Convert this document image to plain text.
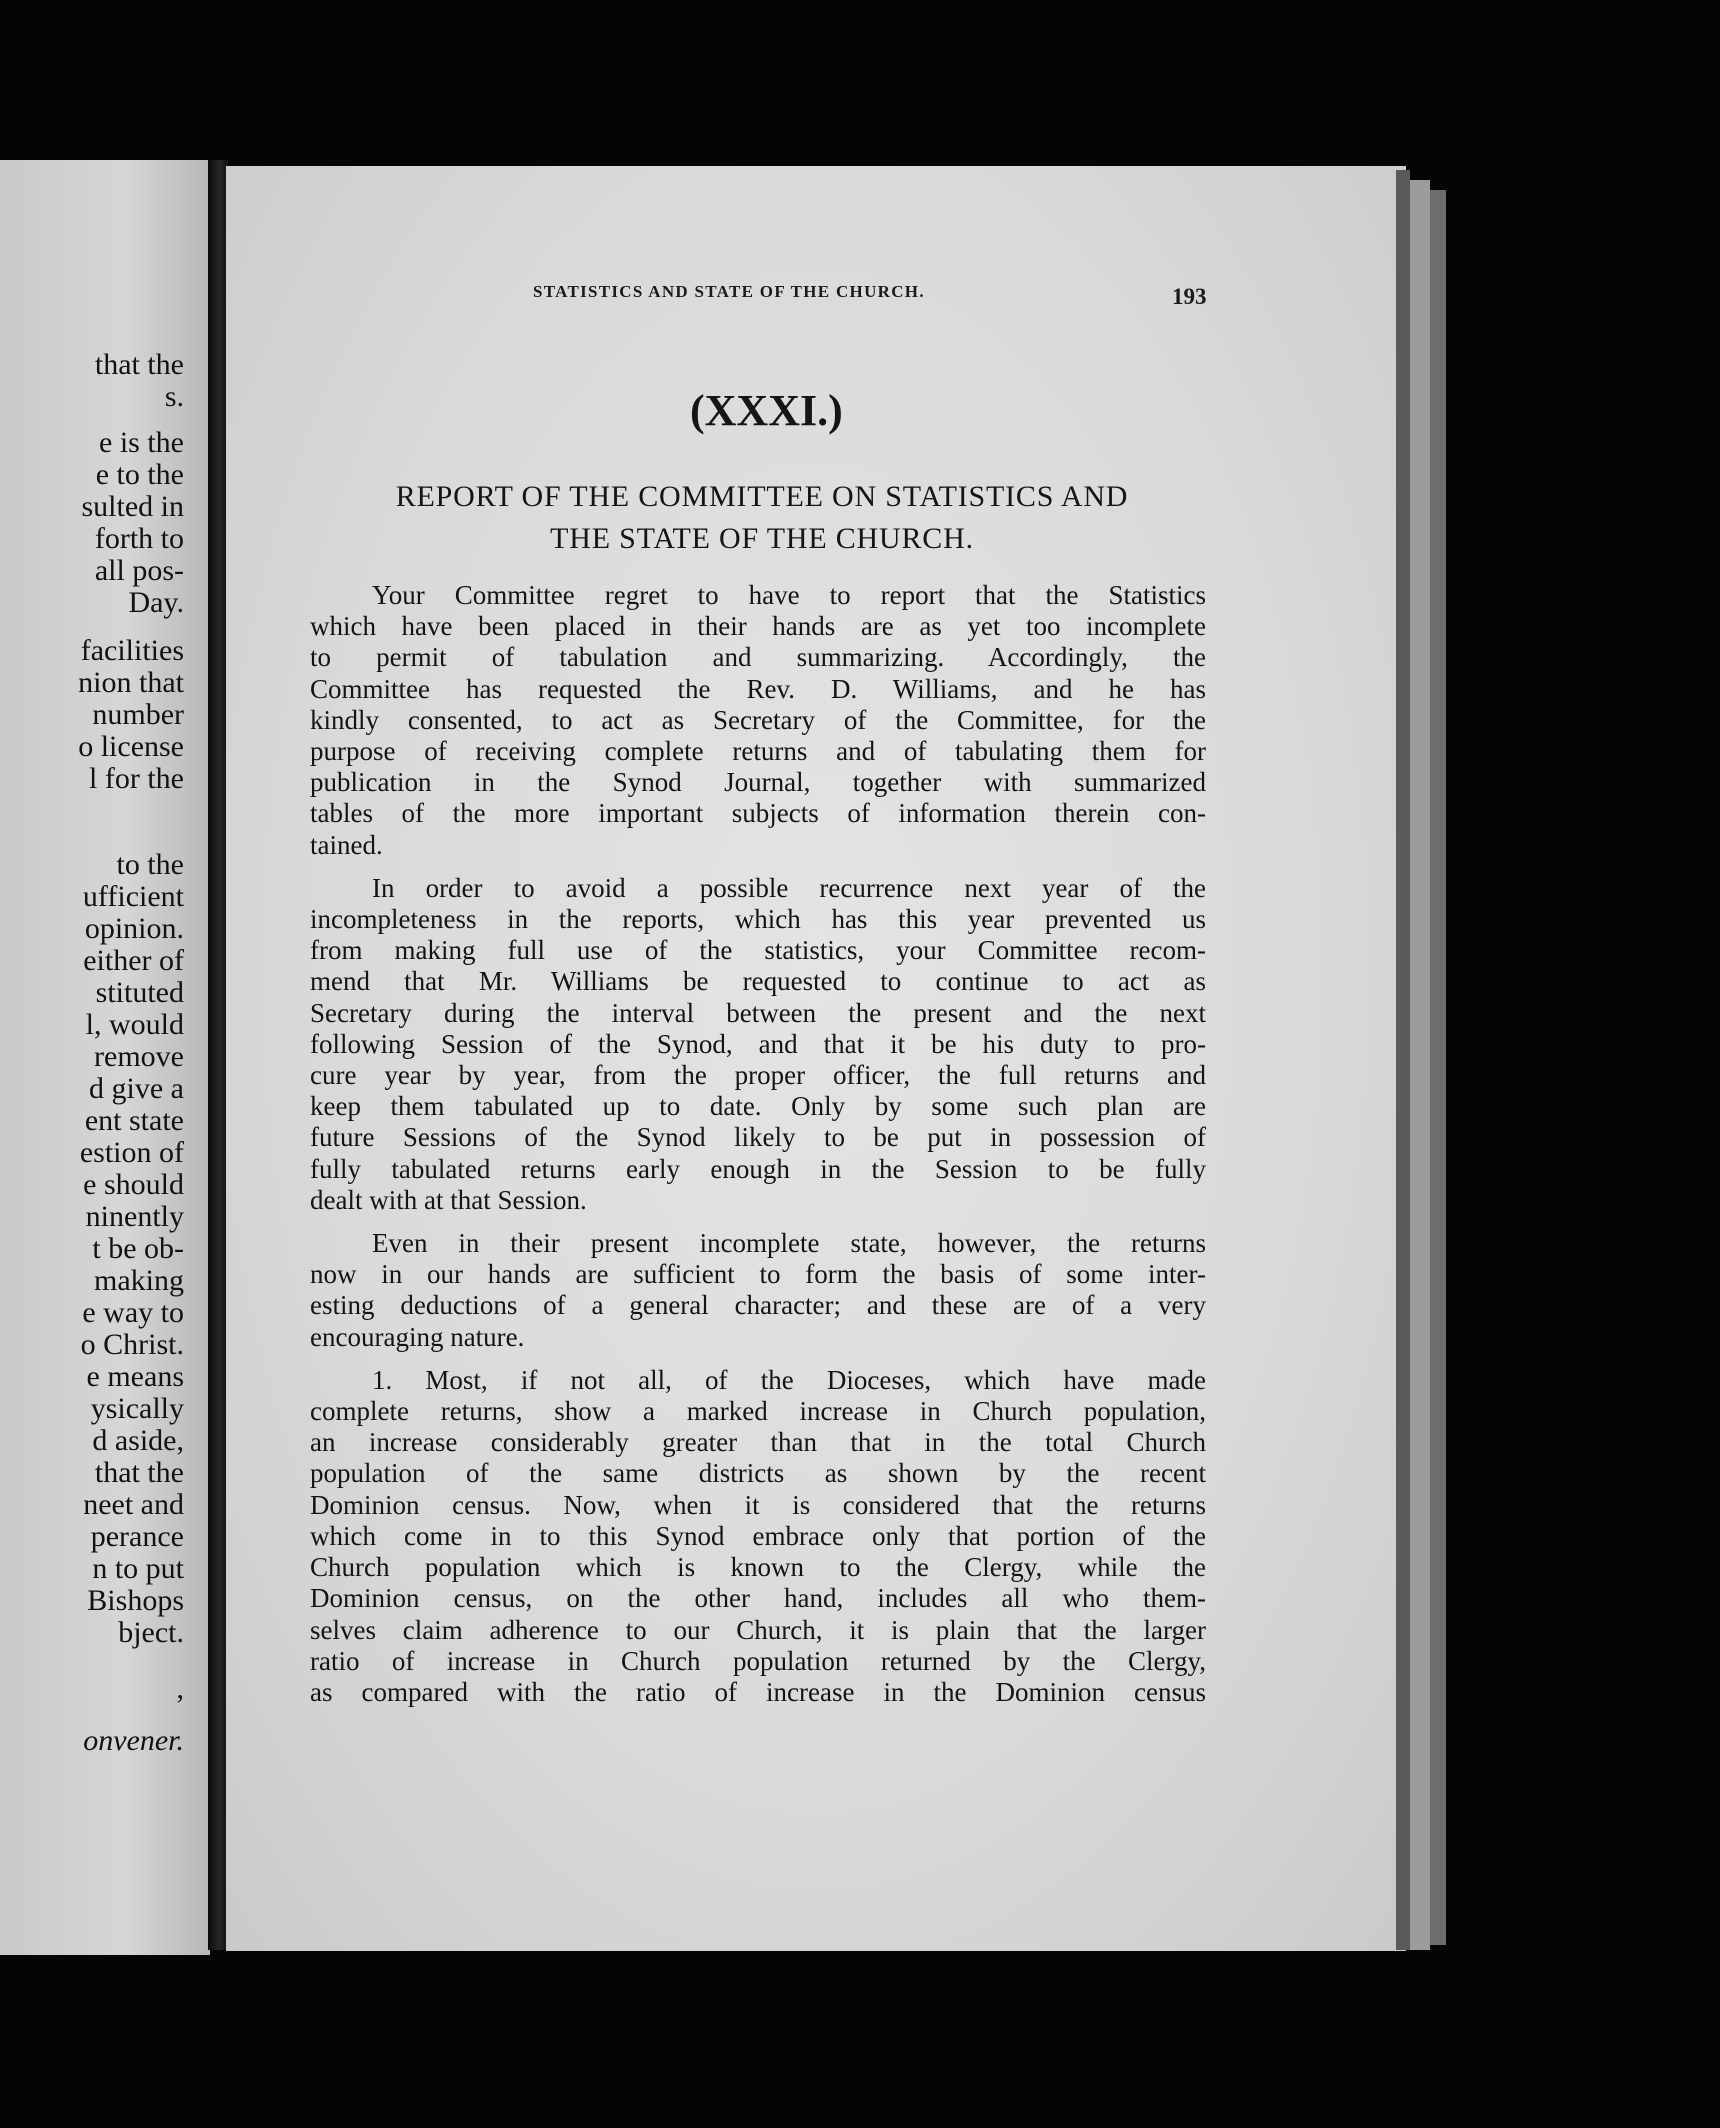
that the
s.
e is the
e to the
sulted in
forth to
all pos-
Day.
facilities
nion that
number
o license
l for the
to the
ufficient
opinion.
either of
stituted
l, would
remove
d give a
ent state
estion of
e should
ninently
t be ob-
making
e way to
o Christ.
e means
ysically
d aside,
that the
neet and
perance
n to put
Bishops
bject.
,
onvener.
STATISTICS AND STATE OF THE CHURCH.	193
(XXXI.)
REPORT OF THE COMMITTEE ON STATISTICS AND
THE STATE OF THE CHURCH.
Your Committee regret to have to report that the Statistics
which have been placed in their hands are as yet too incomplete
to permit of tabulation and summarizing. Accordingly, the
Committee has requested the Rev. D. Williams, and he has
kindly consented, to act as Secretary of the Committee, for the
purpose of receiving complete returns and of tabulating them for
publication in the Synod Journal, together with summarized
tables of the more important subjects of information therein con-
tained.
In order to avoid a possible recurrence next year of the
incompleteness in the reports, which has this year prevented us
from making full use of the statistics, your Committee recom-
mend that Mr. Williams be requested to continue to act as
Secretary during the interval between the present and the next
following Session of the Synod, and that it be his duty to pro-
cure year by year, from the proper officer, the full returns and
keep them tabulated up to date. Only by some such plan are
future Sessions of the Synod likely to be put in possession of
fully tabulated returns early enough in the Session to be fully
dealt with at that Session.
Even in their present incomplete state, however, the returns
now in our hands are sufficient to form the basis of some inter-
esting deductions of a general character; and these are of a very
encouraging nature.
1. Most, if not all, of the Dioceses, which have made
complete returns, show a marked increase in Church population,
an increase considerably greater than that in the total Church
population of the same districts as shown by the recent
Dominion census. Now, when it is considered that the returns
which come in to this Synod embrace only that portion of the
Church population which is known to the Clergy, while the
Dominion census, on the other hand, includes all who them-
selves claim adherence to our Church, it is plain that the larger
ratio of increase in Church population returned by the Clergy,
as compared with the ratio of increase in the Dominion census
